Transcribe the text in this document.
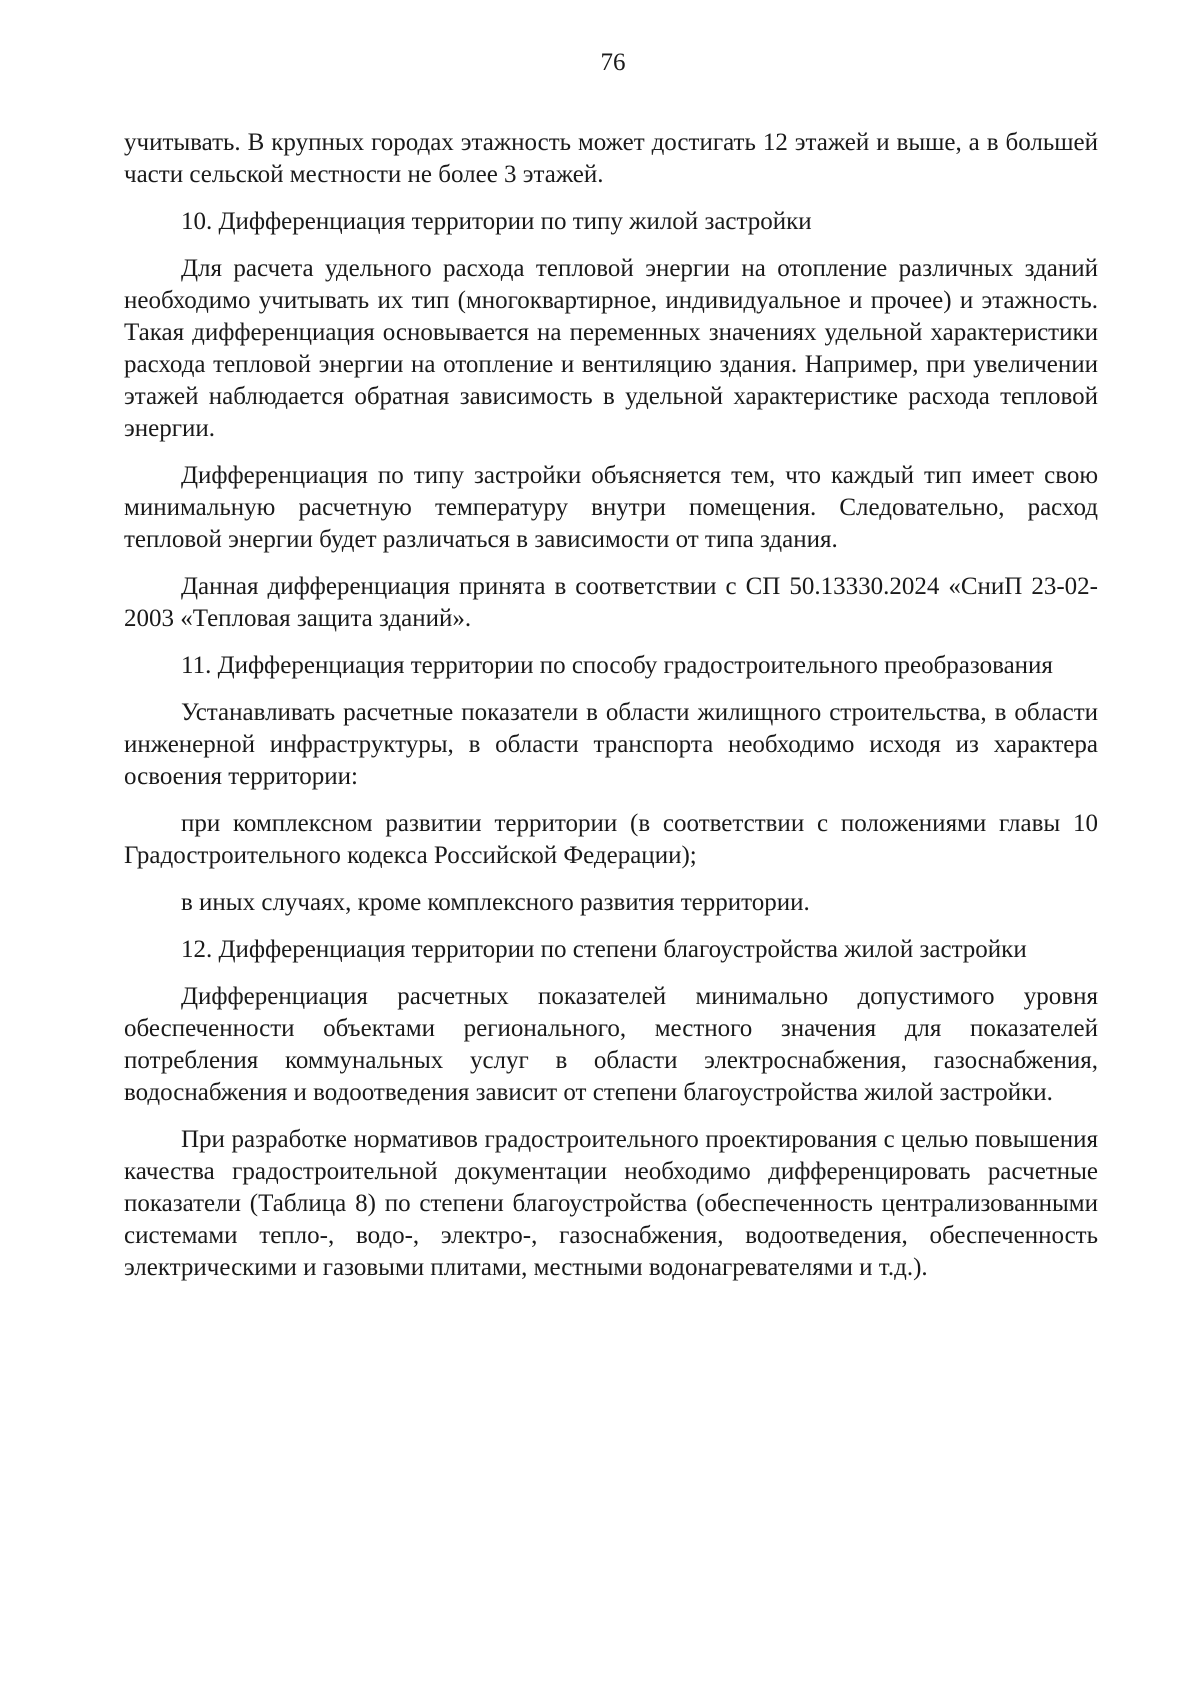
76

учитывать. В крупных городах этажность может достигать 12 этажей и выше, а в большей части сельской местности не более 3 этажей.

10. Дифференциация территории по типу жилой застройки

Для расчета удельного расхода тепловой энергии на отопление различных зданий необходимо учитывать их тип (многоквартирное, индивидуальное и прочее) и этажность. Такая дифференциация основывается на переменных значениях удельной характеристики расхода тепловой энергии на отопление и вентиляцию здания. Например, при увеличении этажей наблюдается обратная зависимость в удельной характеристике расхода тепловой энергии.

Дифференциация по типу застройки объясняется тем, что каждый тип имеет свою минимальную расчетную температуру внутри помещения. Следовательно, расход тепловой энергии будет различаться в зависимости от типа здания.

Данная дифференциация принята в соответствии с СП 50.13330.2024 «СниП 23-02-2003 «Тепловая защита зданий».

11. Дифференциация территории по способу градостроительного преобразования

Устанавливать расчетные показатели в области жилищного строительства, в области инженерной инфраструктуры, в области транспорта необходимо исходя из характера освоения территории:

при комплексном развитии территории (в соответствии с положениями главы 10 Градостроительного кодекса Российской Федерации);

в иных случаях, кроме комплексного развития территории.

12. Дифференциация территории по степени благоустройства жилой застройки

Дифференциация расчетных показателей минимально допустимого уровня обеспеченности объектами регионального, местного значения для показателей потребления коммунальных услуг в области электроснабжения, газоснабжения, водоснабжения и водоотведения зависит от степени благоустройства жилой застройки.

При разработке нормативов градостроительного проектирования с целью повышения качества градостроительной документации необходимо дифференцировать расчетные показатели (Таблица 8) по степени благоустройства (обеспеченность централизованными системами тепло-, водо-, электро-, газоснабжения, водоотведения, обеспеченность электрическими и газовыми плитами, местными водонагревателями и т.д.).
